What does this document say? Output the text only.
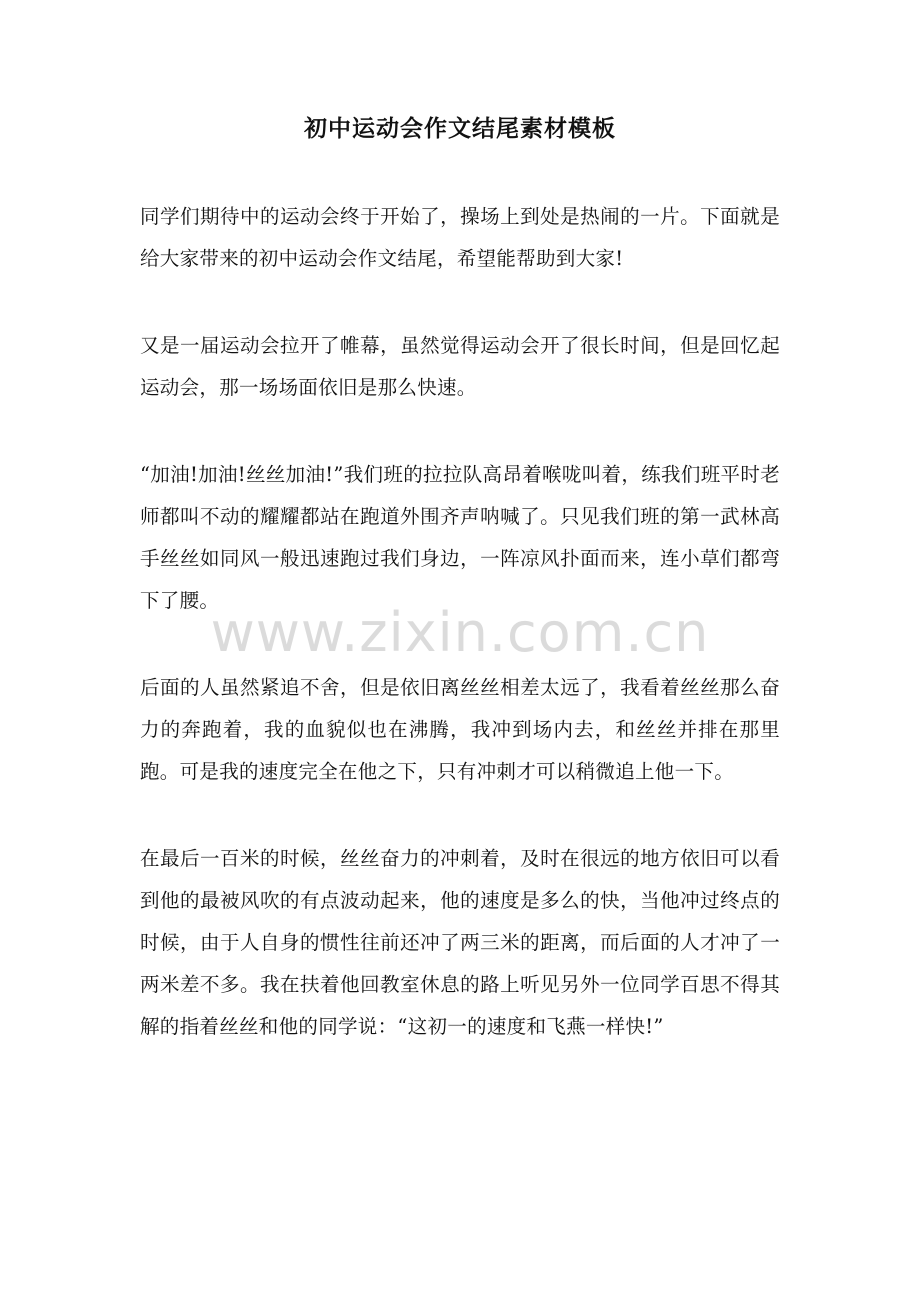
初中运动会作文结尾素材模板

同学们期待中的运动会终于开始了，操场上到处是热闹的一片。下面就是给大家带来的初中运动会作文结尾，希望能帮助到大家!

又是一届运动会拉开了帷幕，虽然觉得运动会开了很长时间，但是回忆起运动会，那一场场面依旧是那么快速。

“加油!加油!丝丝加油!”我们班的拉拉队高昂着喉咙叫着，练我们班平时老师都叫不动的耀耀都站在跑道外围齐声呐喊了。只见我们班的第一武林高手丝丝如同风一般迅速跑过我们身边，一阵凉风扑面而来，连小草们都弯下了腰。

后面的人虽然紧追不舍，但是依旧离丝丝相差太远了，我看着丝丝那么奋力的奔跑着，我的血貌似也在沸腾，我冲到场内去，和丝丝并排在那里跑。可是我的速度完全在他之下，只有冲刺才可以稍微追上他一下。

在最后一百米的时候，丝丝奋力的冲刺着，及时在很远的地方依旧可以看到他的最被风吹的有点波动起来，他的速度是多么的快，当他冲过终点的时候，由于人自身的惯性往前还冲了两三米的距离，而后面的人才冲了一两米差不多。我在扶着他回教室休息的路上听见另外一位同学百思不得其解的指着丝丝和他的同学说：“这初一的速度和飞燕一样快!”

www.zixin.com.cn
